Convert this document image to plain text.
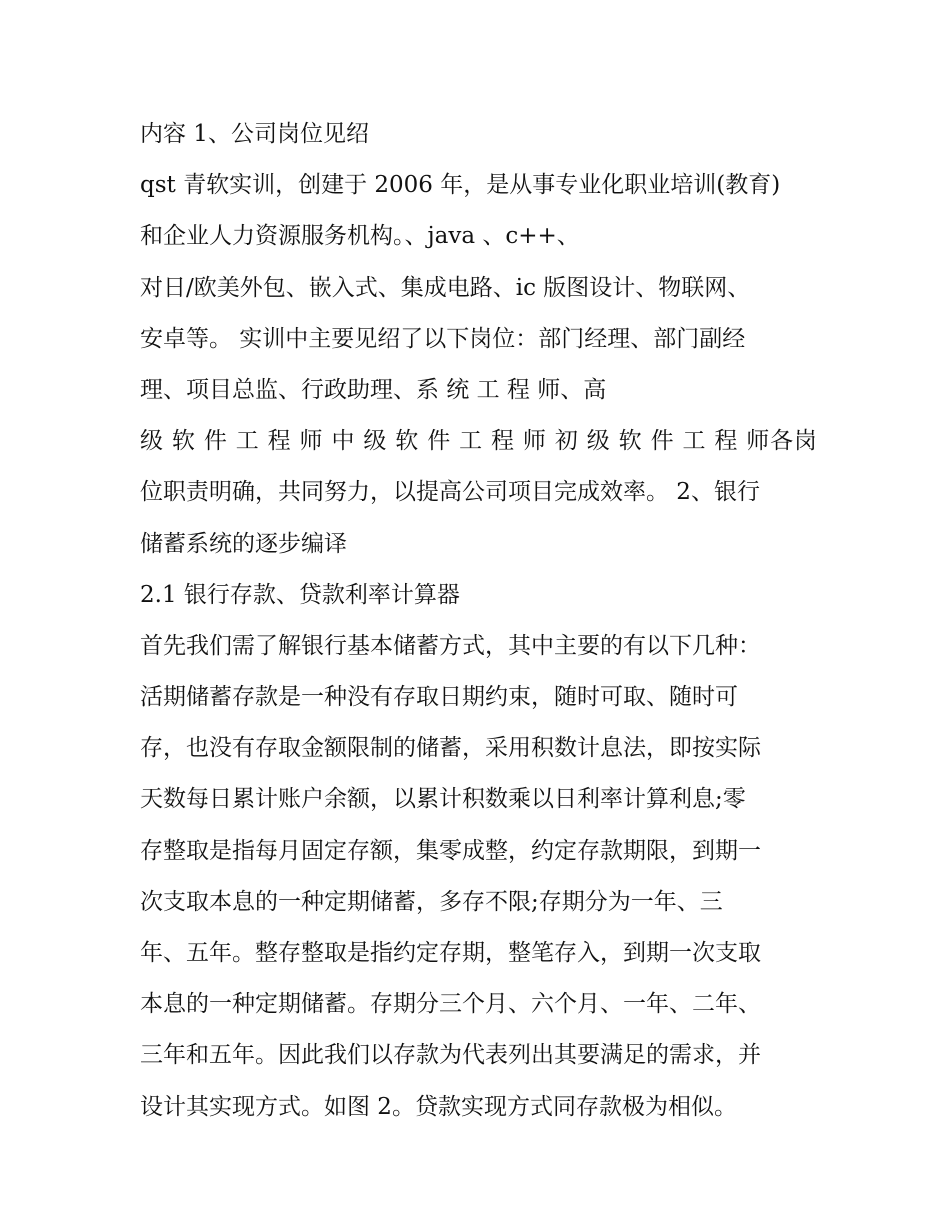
内容 1、公司岗位见绍
qst 青软实训，创建于 2006 年，是从事专业化职业培训(教育)
和企业人力资源服务机构。、java 、c++、
对日/欧美外包、嵌入式、集成电路、ic 版图设计、物联网、
安卓等。 实训中主要见绍了以下岗位：部门经理、部门副经
理、项目总监、行政助理、系 统 工 程 师、高
级 软 件 工 程 师 中 级 软 件 工 程 师 初 级 软 件 工 程 师各岗
位职责明确，共同努力，以提高公司项目完成效率。 2、银行
储蓄系统的逐步编译
2.1 银行存款、贷款利率计算器
首先我们需了解银行基本储蓄方式，其中主要的有以下几种：
活期储蓄存款是一种没有存取日期约束，随时可取、随时可
存，也没有存取金额限制的储蓄，采用积数计息法，即按实际
天数每日累计账户余额，以累计积数乘以日利率计算利息;零
存整取是指每月固定存额，集零成整，约定存款期限，到期一
次支取本息的一种定期储蓄，多存不限;存期分为一年、三
年、五年。整存整取是指约定存期，整笔存入，到期一次支取
本息的一种定期储蓄。存期分三个月、六个月、一年、二年、
三年和五年。因此我们以存款为代表列出其要满足的需求，并
设计其实现方式。如图 2。贷款实现方式同存款极为相似。
